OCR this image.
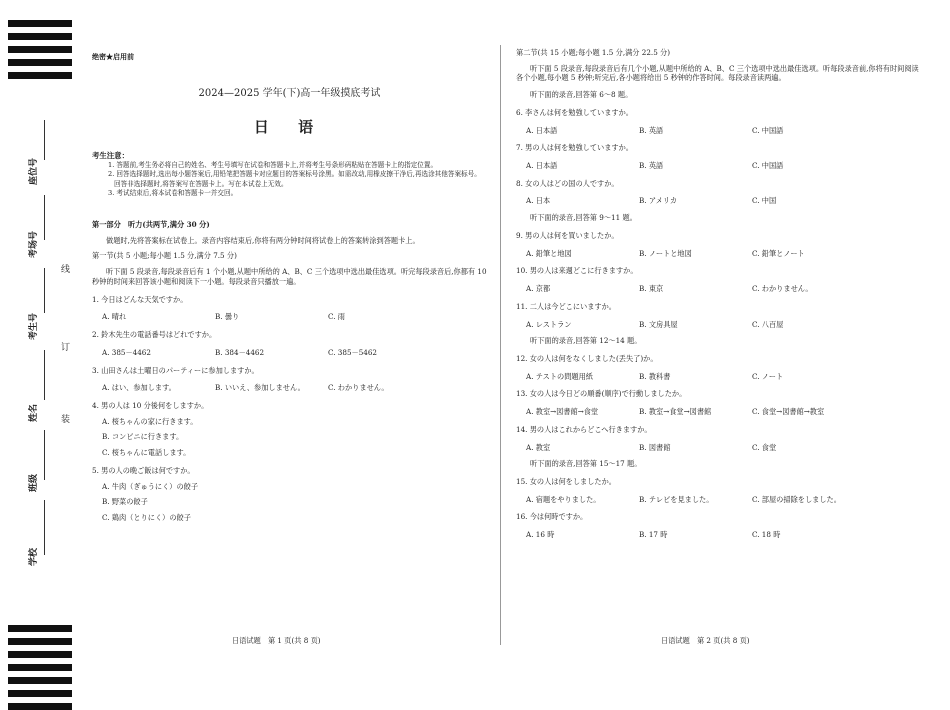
座位号
考场号
考生号
姓名
班级
学校
线
订
装
绝密★启用前
2024—2025 学年(下)高一年级摸底考试
日 语
考生注意：
1. 答题前,考生务必将自己的姓名、考生号填写在试卷和答题卡上,并将考生号条形码粘贴在答题卡上的指定位置。
2. 回答选择题时,选出每小题答案后,用铅笔把答题卡对应题目的答案标号涂黑。如需改动,用橡皮擦干净后,再选涂其他答案标号。回答非选择题时,将答案写在答题卡上。写在本试卷上无效。
3. 考试结束后,将本试卷和答题卡一并交回。
第一部分　听力(共两节,满分 30 分)
做题时,先将答案标在试卷上。录音内容结束后,你将有两分钟时间将试卷上的答案转涂到答题卡上。
第一节(共 5 小题;每小题 1.5 分,满分 7.5 分)
听下面 5 段录音,每段录音后有 1 个小题,从题中所给的 A、B、C 三个选项中选出最佳选项。听完每段录音后,你都有 10 秒钟的时间来回答该小题和阅读下一小题。每段录音只播放一遍。
1. 今日はどんな天気ですか。
A. 晴れ	B. 曇り	C. 雨
2. 鈴木先生の電話番号はどれですか。
A. 385－4462	B. 384－4462	C. 385－5462
3. 山田さんは土曜日のパーティーに参加しますか。
A. はい、参加します。	B. いいえ、参加しません。	C. わかりません。
4. 男の人は 10 分後何をしますか。
A. 桜ちゃんの家に行きます。
B. コンビニに行きます。
C. 桜ちゃんに電話します。
5. 男の人の晩ご飯は何ですか。
A. 牛肉（ぎゅうにく）の餃子
B. 野菜の餃子
C. 鶏肉（とりにく）の餃子
第二节(共 15 小题;每小题 1.5 分,满分 22.5 分)
听下面 5 段录音,每段录音后有几个小题,从题中所给的 A、B、C 三个选项中选出最佳选项。听每段录音前,你将有时间阅读各个小题,每小题 5 秒钟;听完后,各小题将给出 5 秒钟的作答时间。每段录音读两遍。
听下面的录音,回答第 6～8 题。
6. 李さんは何を勉強していますか。
A. 日本語	B. 英語	C. 中国語
7. 男の人は何を勉強していますか。
A. 日本語	B. 英語	C. 中国語
8. 女の人はどの国の人ですか。
A. 日本	B. アメリカ	C. 中国
听下面的录音,回答第 9～11 题。
9. 男の人は何を買いましたか。
A. 鉛筆と地図	B. ノートと地図	C. 鉛筆とノート
10. 男の人は来週どこに行きますか。
A. 京都	B. 東京	C. わかりません。
11. 二人は今どこにいますか。
A. レストラン	B. 文房具屋	C. 八百屋
听下面的录音,回答第 12～14 题。
12. 女の人は何をなくしました(丢失了)か。
A. テストの問題用紙	B. 教科書	C. ノート
13. 女の人は今日どの順番(顺序)で行動しましたか。
A. 教室→図書館→食堂	B. 教室→食堂→図書館	C. 食堂→図書館→教室
14. 男の人はこれからどこへ行きますか。
A. 教室	B. 図書館	C. 食堂
听下面的录音,回答第 15～17 题。
15. 女の人は何をしましたか。
A. 宿題をやりました。	B. テレビを見ました。	C. 部屋の掃除をしました。
16. 今は何時ですか。
A. 16 時	B. 17 時	C. 18 時
日语试题　第 1 页(共 8 页)	日语试题　第 2 页(共 8 页)
